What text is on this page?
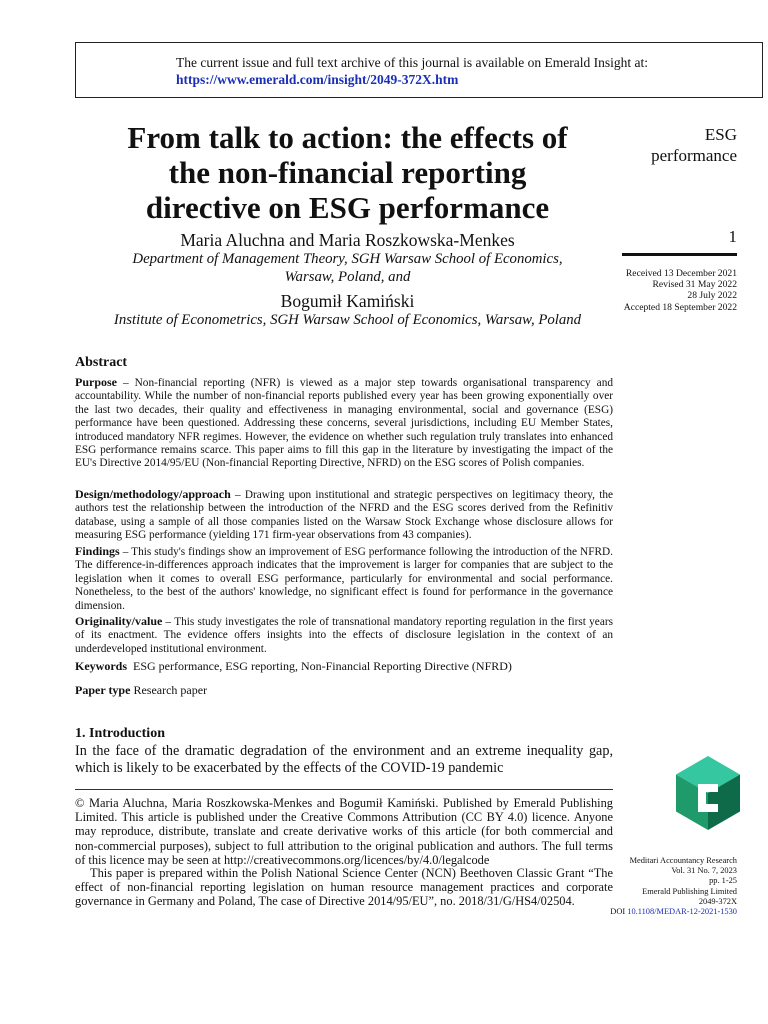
The current issue and full text archive of this journal is available on Emerald Insight at:
https://www.emerald.com/insight/2049-372X.htm
From talk to action: the effects of
the non-financial reporting
directive on ESG performance
Maria Aluchna and Maria Roszkowska-Menkes
Department of Management Theory, SGH Warsaw School of Economics,
Warsaw, Poland, and
Bogumił Kamiński
Institute of Econometrics, SGH Warsaw School of Economics, Warsaw, Poland
ESG
performance
1
Received 13 December 2021
Revised 31 May 2022
28 July 2022
Accepted 18 September 2022
Abstract
Purpose – Non-financial reporting (NFR) is viewed as a major step towards organisational transparency and accountability. While the number of non-financial reports published every year has been growing exponentially over the last two decades, their quality and effectiveness in managing environmental, social and governance (ESG) performance have been questioned. Addressing these concerns, several jurisdictions, including EU Member States, introduced mandatory NFR regimes. However, the evidence on whether such regulation truly translates into enhanced ESG performance remains scarce. This paper aims to fill this gap in the literature by investigating the impact of the EU's Directive 2014/95/EU (Non-financial Reporting Directive, NFRD) on the ESG scores of Polish companies.
Design/methodology/approach – Drawing upon institutional and strategic perspectives on legitimacy theory, the authors test the relationship between the introduction of the NFRD and the ESG scores derived from the Refinitiv database, using a sample of all those companies listed on the Warsaw Stock Exchange whose disclosure allows for measuring ESG performance (yielding 171 firm-year observations from 43 companies).
Findings – This study's findings show an improvement of ESG performance following the introduction of the NFRD. The difference-in-differences approach indicates that the improvement is larger for companies that are subject to the legislation when it comes to overall ESG performance, particularly for environmental and social performance. Nonetheless, to the best of the authors' knowledge, no significant effect is found for performance in the governance dimension.
Originality/value – This study investigates the role of transnational mandatory reporting regulation in the first years of its enactment. The evidence offers insights into the effects of disclosure legislation in the context of an underdeveloped institutional environment.
Keywords ESG performance, ESG reporting, Non-Financial Reporting Directive (NFRD)
Paper type Research paper
1. Introduction
In the face of the dramatic degradation of the environment and an extreme inequality gap, which is likely to be exacerbated by the effects of the COVID-19 pandemic
© Maria Aluchna, Maria Roszkowska-Menkes and Bogumił Kamiński. Published by Emerald Publishing Limited. This article is published under the Creative Commons Attribution (CC BY 4.0) licence. Anyone may reproduce, distribute, translate and create derivative works of this article (for both commercial and non-commercial purposes), subject to full attribution to the original publication and authors. The full terms of this licence may be seen at http://creativecommons.org/licences/by/4.0/legalcode
This paper is prepared within the Polish National Science Center (NCN) Beethoven Classic Grant “The effect of non-financial reporting legislation on human resource management practices and corporate governance in Germany and Poland, The case of Directive 2014/95/EU”, no. 2018/31/G/HS4/02504.
Meditari Accountancy Research
Vol. 31 No. 7, 2023
pp. 1-25
Emerald Publishing Limited
2049-372X
DOI 10.1108/MEDAR-12-2021-1530
